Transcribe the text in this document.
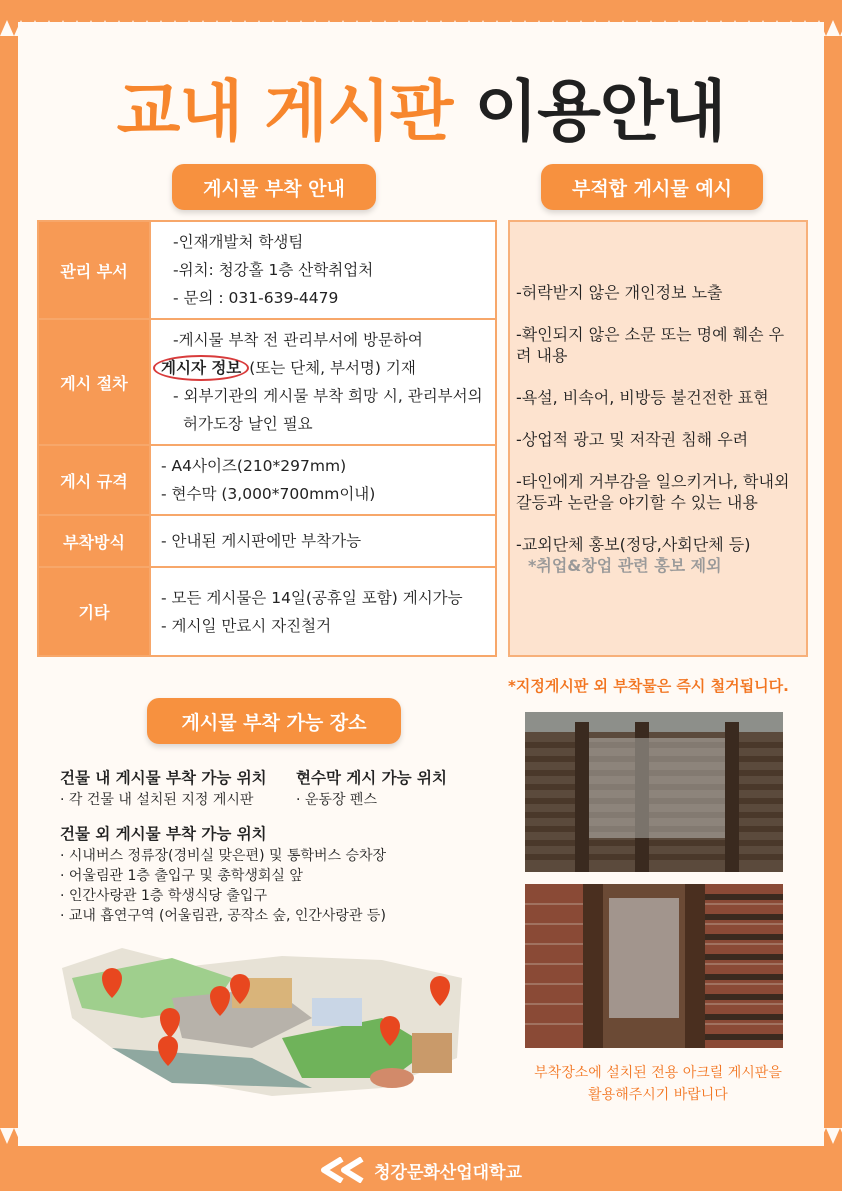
교내 게시판 이용안내
게시물 부착 안내	부적합 게시물 예시
관리 부서	-인재개발처 학생팀
-위치: 청강홀 1층 산학취업처
- 문의 : 031-639-4479

게시 절차	-게시물 부착 전 관리부서에 방문하여
게시자 정보 (또는 단체, 부서명) 기재
- 외부기관의 게시물 부착 희망 시, 관리부서의
허가도장 날인 필요

게시 규격	- A4사이즈(210*297mm)
- 현수막 (3,000*700mm이내)

부착방식	- 안내된 게시판에만 부착가능
기타	- 모든 게시물은 14일(공휴일 포함) 게시가능
- 게시일 만료시 자진철거
-허락받지 않은 개인정보 노출
-확인되지 않은 소문 또는 명예 훼손 우려 내용
-욕설, 비속어, 비방등 불건전한 표현
-상업적 광고 및 저작권 침해 우려
-타인에게 거부감을 일으키거나, 학내외 갈등과 논란을 야기할 수 있는 내용
-교외단체 홍보(정당,사회단체 등)
*취업&창업 관련 홍보 제외
*지정게시판 외 부착물은 즉시 철거됩니다.
게시물 부착 가능 장소
건물 내 게시물 부착 가능 위치
· 각 건물 내 설치된 지정 게시판
현수막 게시 가능 위치
· 운동장 펜스
건물 외 게시물 부착 가능 위치
· 시내버스 정류장(경비실 맞은편) 및 통학버스 승차장
· 어울림관 1층 출입구 및 총학생회실 앞
· 인간사랑관 1층 학생식당 출입구
· 교내 흡연구역 (어울림관, 공작소 숲, 인간사랑관 등)
부착장소에 설치된 전용 아크릴 게시판을
활용해주시기 바랍니다
청강문화산업대학교
